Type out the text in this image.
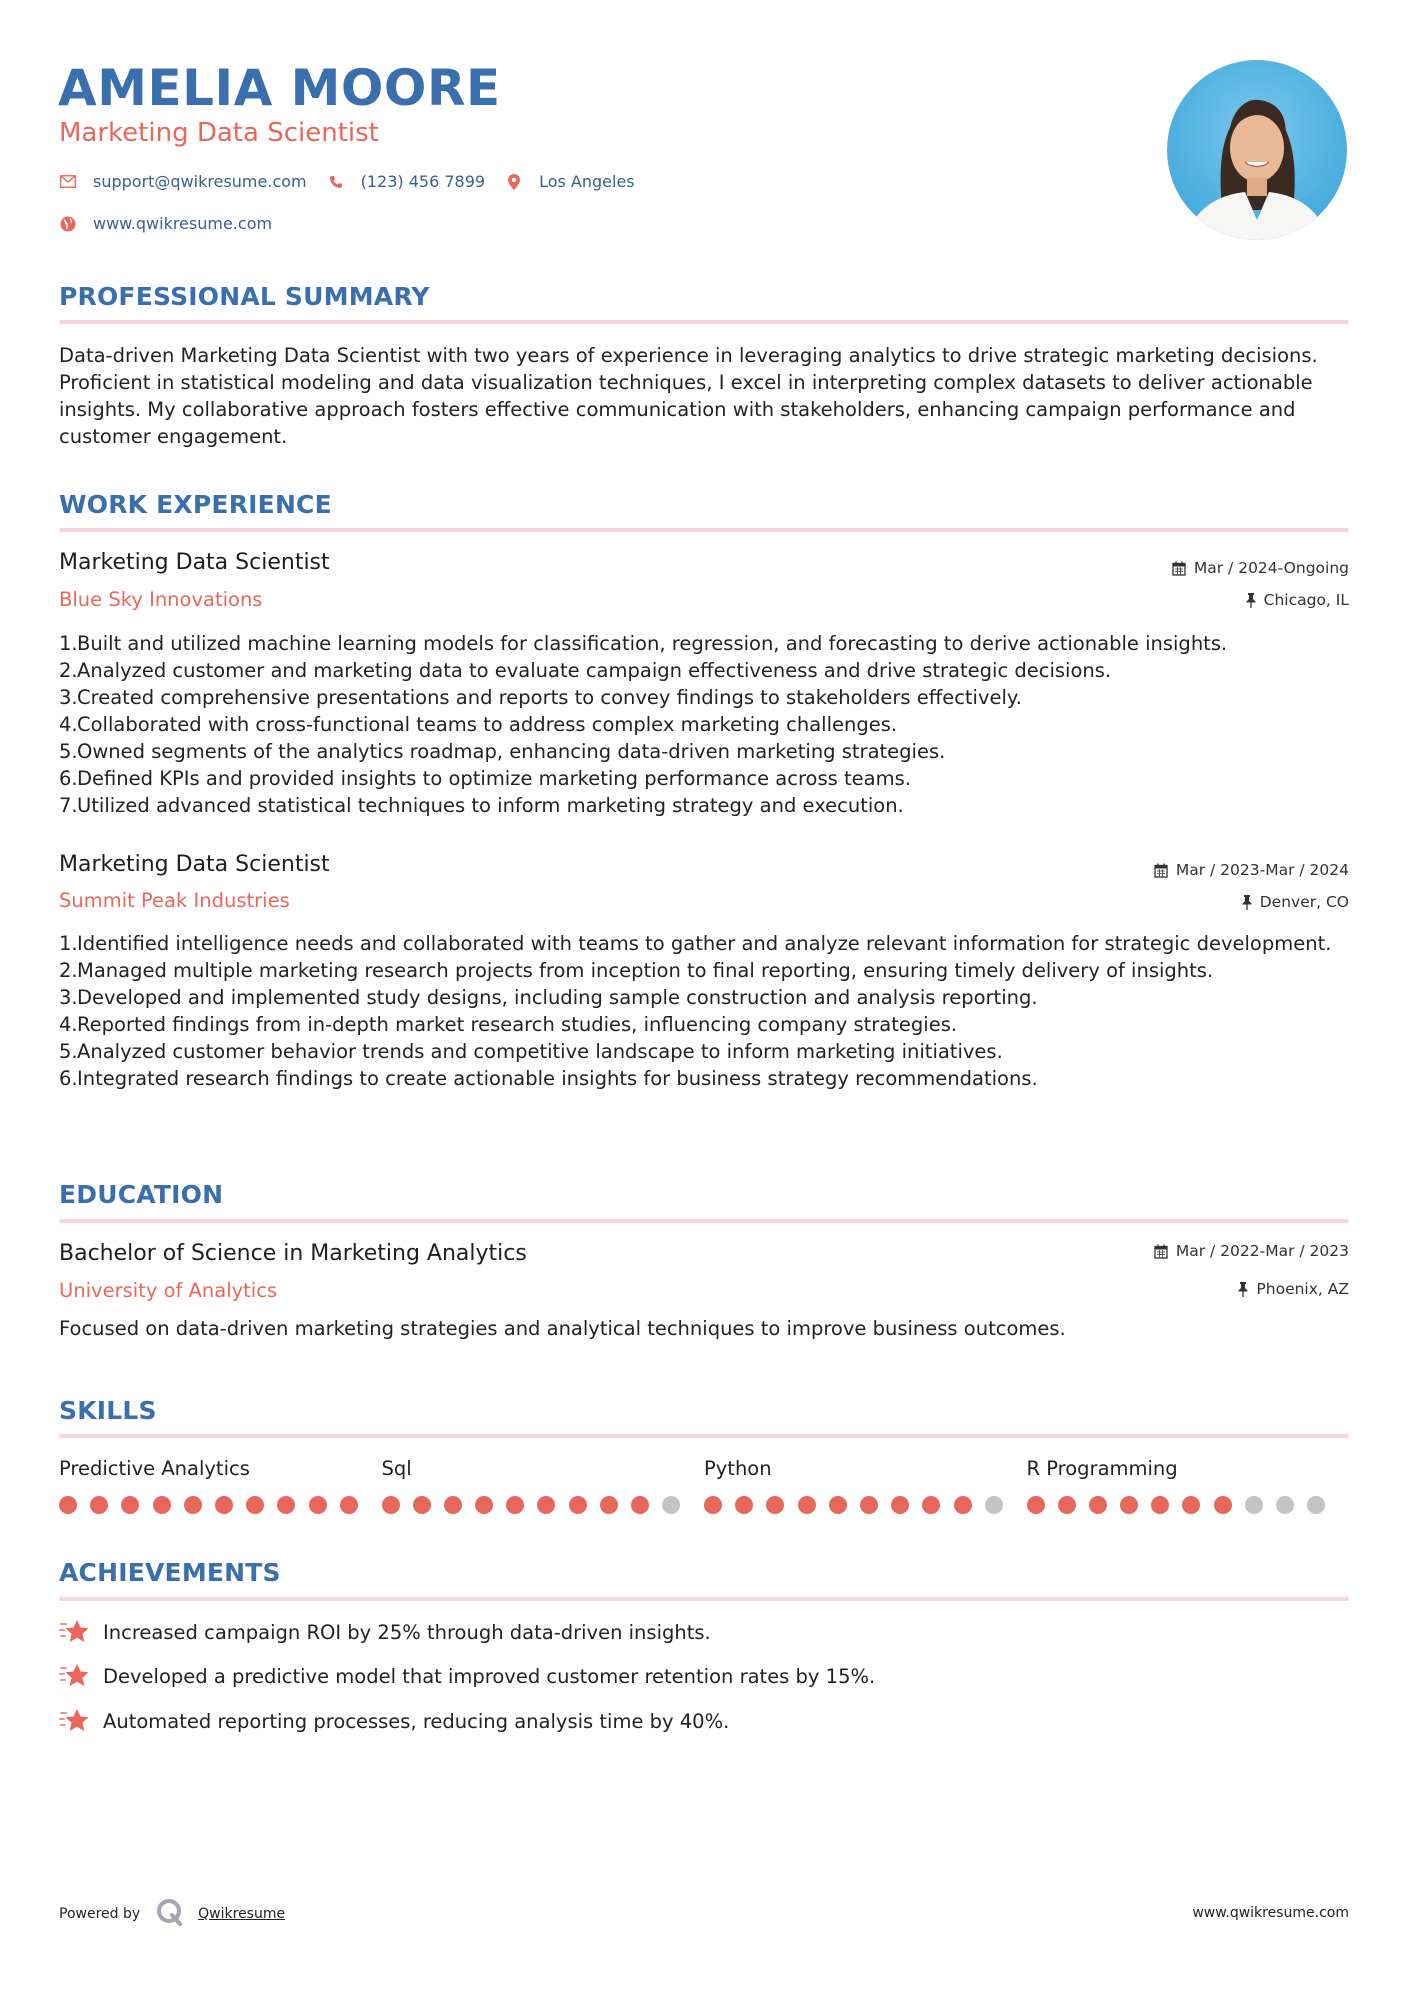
AMELIA MOORE
Marketing Data Scientist
support@qwikresume.com	(123) 456 7899	Los Angeles
www.qwikresume.com
PROFESSIONAL SUMMARY

Data-driven Marketing Data Scientist with two years of experience in leveraging analytics to drive strategic marketing decisions. Proficient in statistical modeling and data visualization techniques, I excel in interpreting complex datasets to deliver actionable insights. My collaborative approach fosters effective communication with stakeholders, enhancing campaign performance and customer engagement.

WORK EXPERIENCE
Marketing Data Scientist
Blue Sky Innovations
Mar / 2024-Ongoing
Chicago, IL
1. Built and utilized machine learning models for classification, regression, and forecasting to derive actionable insights.
2. Analyzed customer and marketing data to evaluate campaign effectiveness and drive strategic decisions.
3. Created comprehensive presentations and reports to convey findings to stakeholders effectively.
4. Collaborated with cross-functional teams to address complex marketing challenges.
5. Owned segments of the analytics roadmap, enhancing data-driven marketing strategies.
6. Defined KPIs and provided insights to optimize marketing performance across teams.
7. Utilized advanced statistical techniques to inform marketing strategy and execution.
Marketing Data Scientist
Summit Peak Industries
Mar / 2023-Mar / 2024
Denver, CO
1. Identified intelligence needs and collaborated with teams to gather and analyze relevant information for strategic development.
2. Managed multiple marketing research projects from inception to final reporting, ensuring timely delivery of insights.
3. Developed and implemented study designs, including sample construction and analysis reporting.
4. Reported findings from in-depth market research studies, influencing company strategies.
5. Analyzed customer behavior trends and competitive landscape to inform marketing initiatives.
6. Integrated research findings to create actionable insights for business strategy recommendations.
EDUCATION
Bachelor of Science in Marketing Analytics
University of Analytics
Mar / 2022-Mar / 2023
Phoenix, AZ

Focused on data-driven marketing strategies and analytical techniques to improve business outcomes.

SKILLS
Predictive Analytics	Sql	Python	R Programming
ACHIEVEMENTS
Increased campaign ROI by 25% through data-driven insights.
Developed a predictive model that improved customer retention rates by 15%.
Automated reporting processes, reducing analysis time by 40%.
Powered by	Qwikresume	www.qwikresume.com
